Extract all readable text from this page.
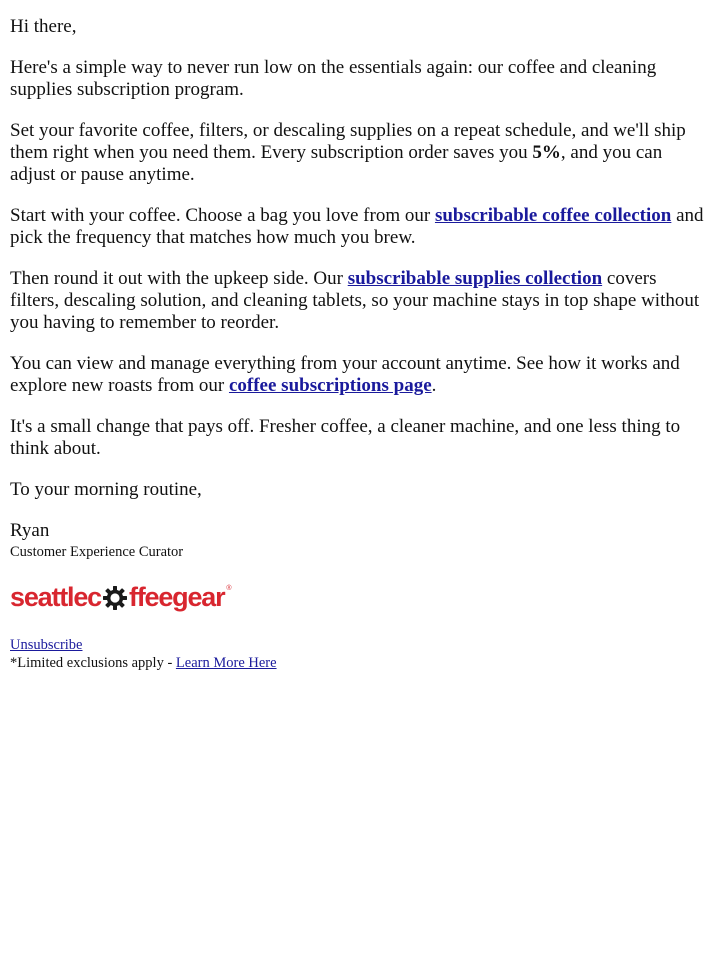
Hi there,

Here's a simple way to never run low on the essentials again: our coffee and cleaning supplies subscription program.

Set your favorite coffee, filters, or descaling supplies on a repeat schedule, and we'll ship them right when you need them. Every subscription order saves you 5%, and you can adjust or pause anytime.

Start with your coffee. Choose a bag you love from our subscribable coffee collection and pick the frequency that matches how much you brew.

Then round it out with the upkeep side. Our subscribable supplies collection covers filters, descaling solution, and cleaning tablets, so your machine stays in top shape without you having to remember to reorder.

You can view and manage everything from your account anytime. See how it works and explore new roasts from our coffee subscriptions page.

It's a small change that pays off. Fresher coffee, a cleaner machine, and one less thing to think about.

To your morning routine,

Ryan

Customer Experience Curator

seattlec ffeegear ®
Unsubscribe
*Limited exclusions apply - Learn More Here
